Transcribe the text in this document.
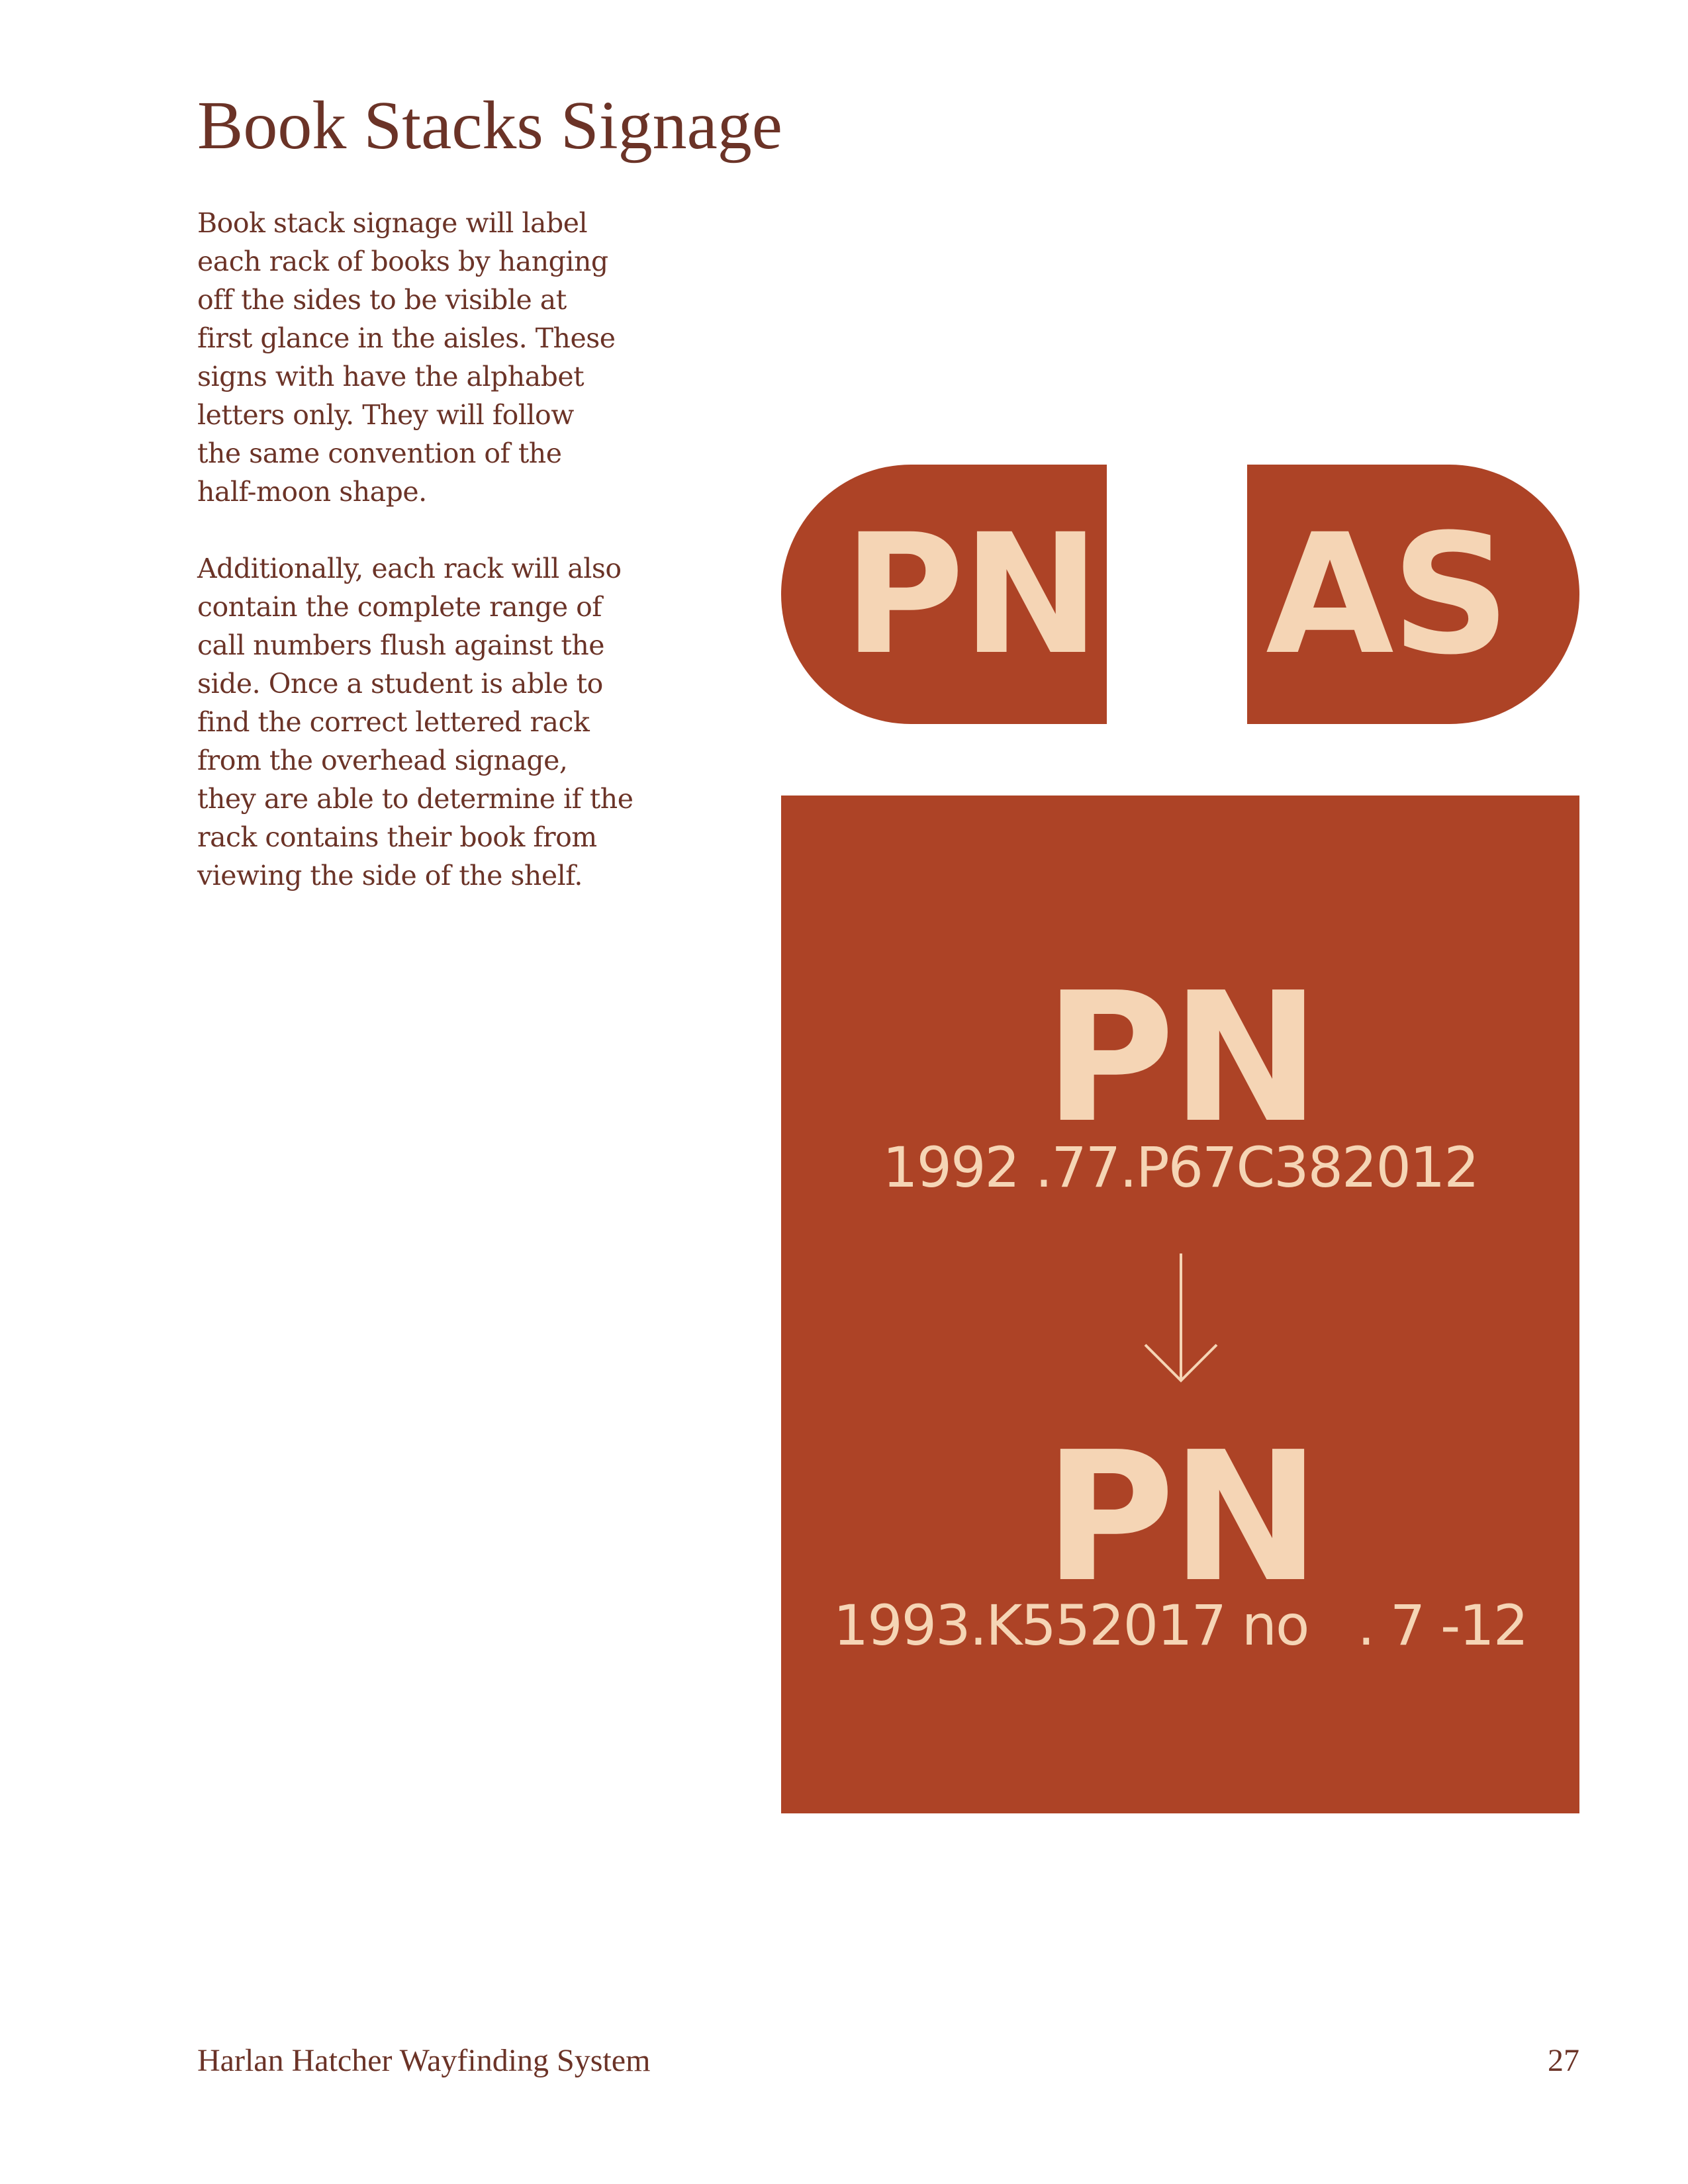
Book Stacks Signage

Book stack signage will label
each rack of books by hanging
off the sides to be visible at
first glance in the aisles. These
signs with have the alphabet
letters only. They will follow
the same convention of the
half-moon shape.

Additionally, each rack will also
contain the complete range of
call numbers flush against the
side. Once a student is able to
find the correct lettered rack
from the overhead signage,
they are able to determine if the
rack contains their book from
viewing the side of the shelf.

PN AS
PN
1992 .77.P67C382012
PN
1993.K552017 no   . 7 -12
Harlan Hatcher Wayfinding System	27
